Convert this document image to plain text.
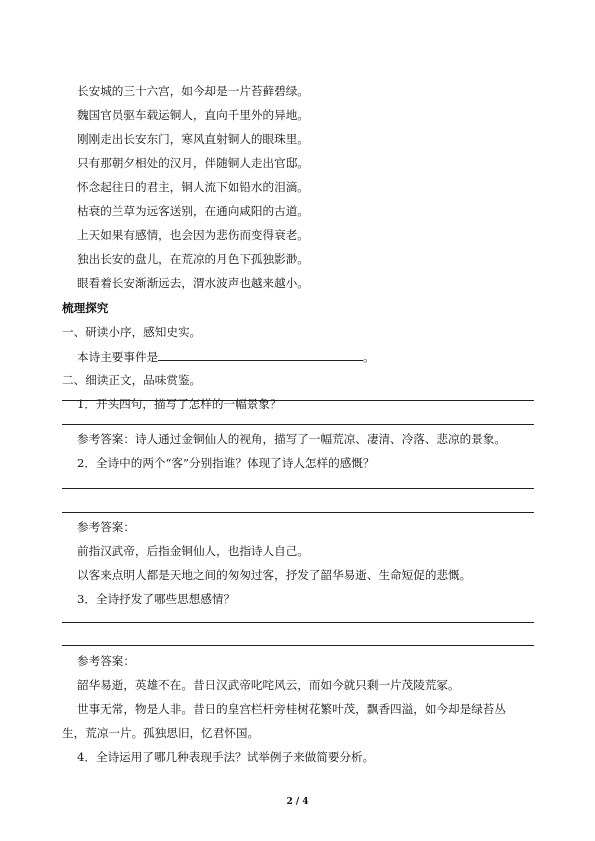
长安城的三十六宫，如今却是一片苔藓碧绿。
魏国官员驱车载运铜人，直向千里外的异地。
刚刚走出长安东门，寒风直射铜人的眼珠里。
只有那朝夕相处的汉月，伴随铜人走出官邸。
怀念起往日的君主，铜人流下如铅水的泪滴。
枯衰的兰草为远客送别，在通向咸阳的古道。
上天如果有感情，也会因为悲伤而变得衰老。
独出长安的盘儿，在荒凉的月色下孤独影渺。
眼看着长安渐渐远去，渭水波声也越来越小。
梳理探究
一、研读小序，感知史实。
本诗主要事件是	。
二、细读正文，品味赏鉴。
1．开头四句，描写了怎样的一幅景象？
参考答案：诗人通过金铜仙人的视角，描写了一幅荒凉、凄清、冷落、悲凉的景象。
2．全诗中的两个“客”分别指谁？体现了诗人怎样的感慨？
参考答案：
前指汉武帝，后指金铜仙人，也指诗人自己。
以客来点明人都是天地之间的匆匆过客，抒发了韶华易逝、生命短促的悲慨。
3．全诗抒发了哪些思想感情？
参考答案：
韶华易逝，英雄不在。昔日汉武帝叱咤风云，而如今就只剩一片茂陵荒冢。
世事无常，物是人非。昔日的皇宫栏杆旁桂树花繁叶茂，飘香四溢，如今却是绿苔丛
生，荒凉一片。孤独思旧，忆君怀国。
4．全诗运用了哪几种表现手法？试举例子来做简要分析。
2 / 4
